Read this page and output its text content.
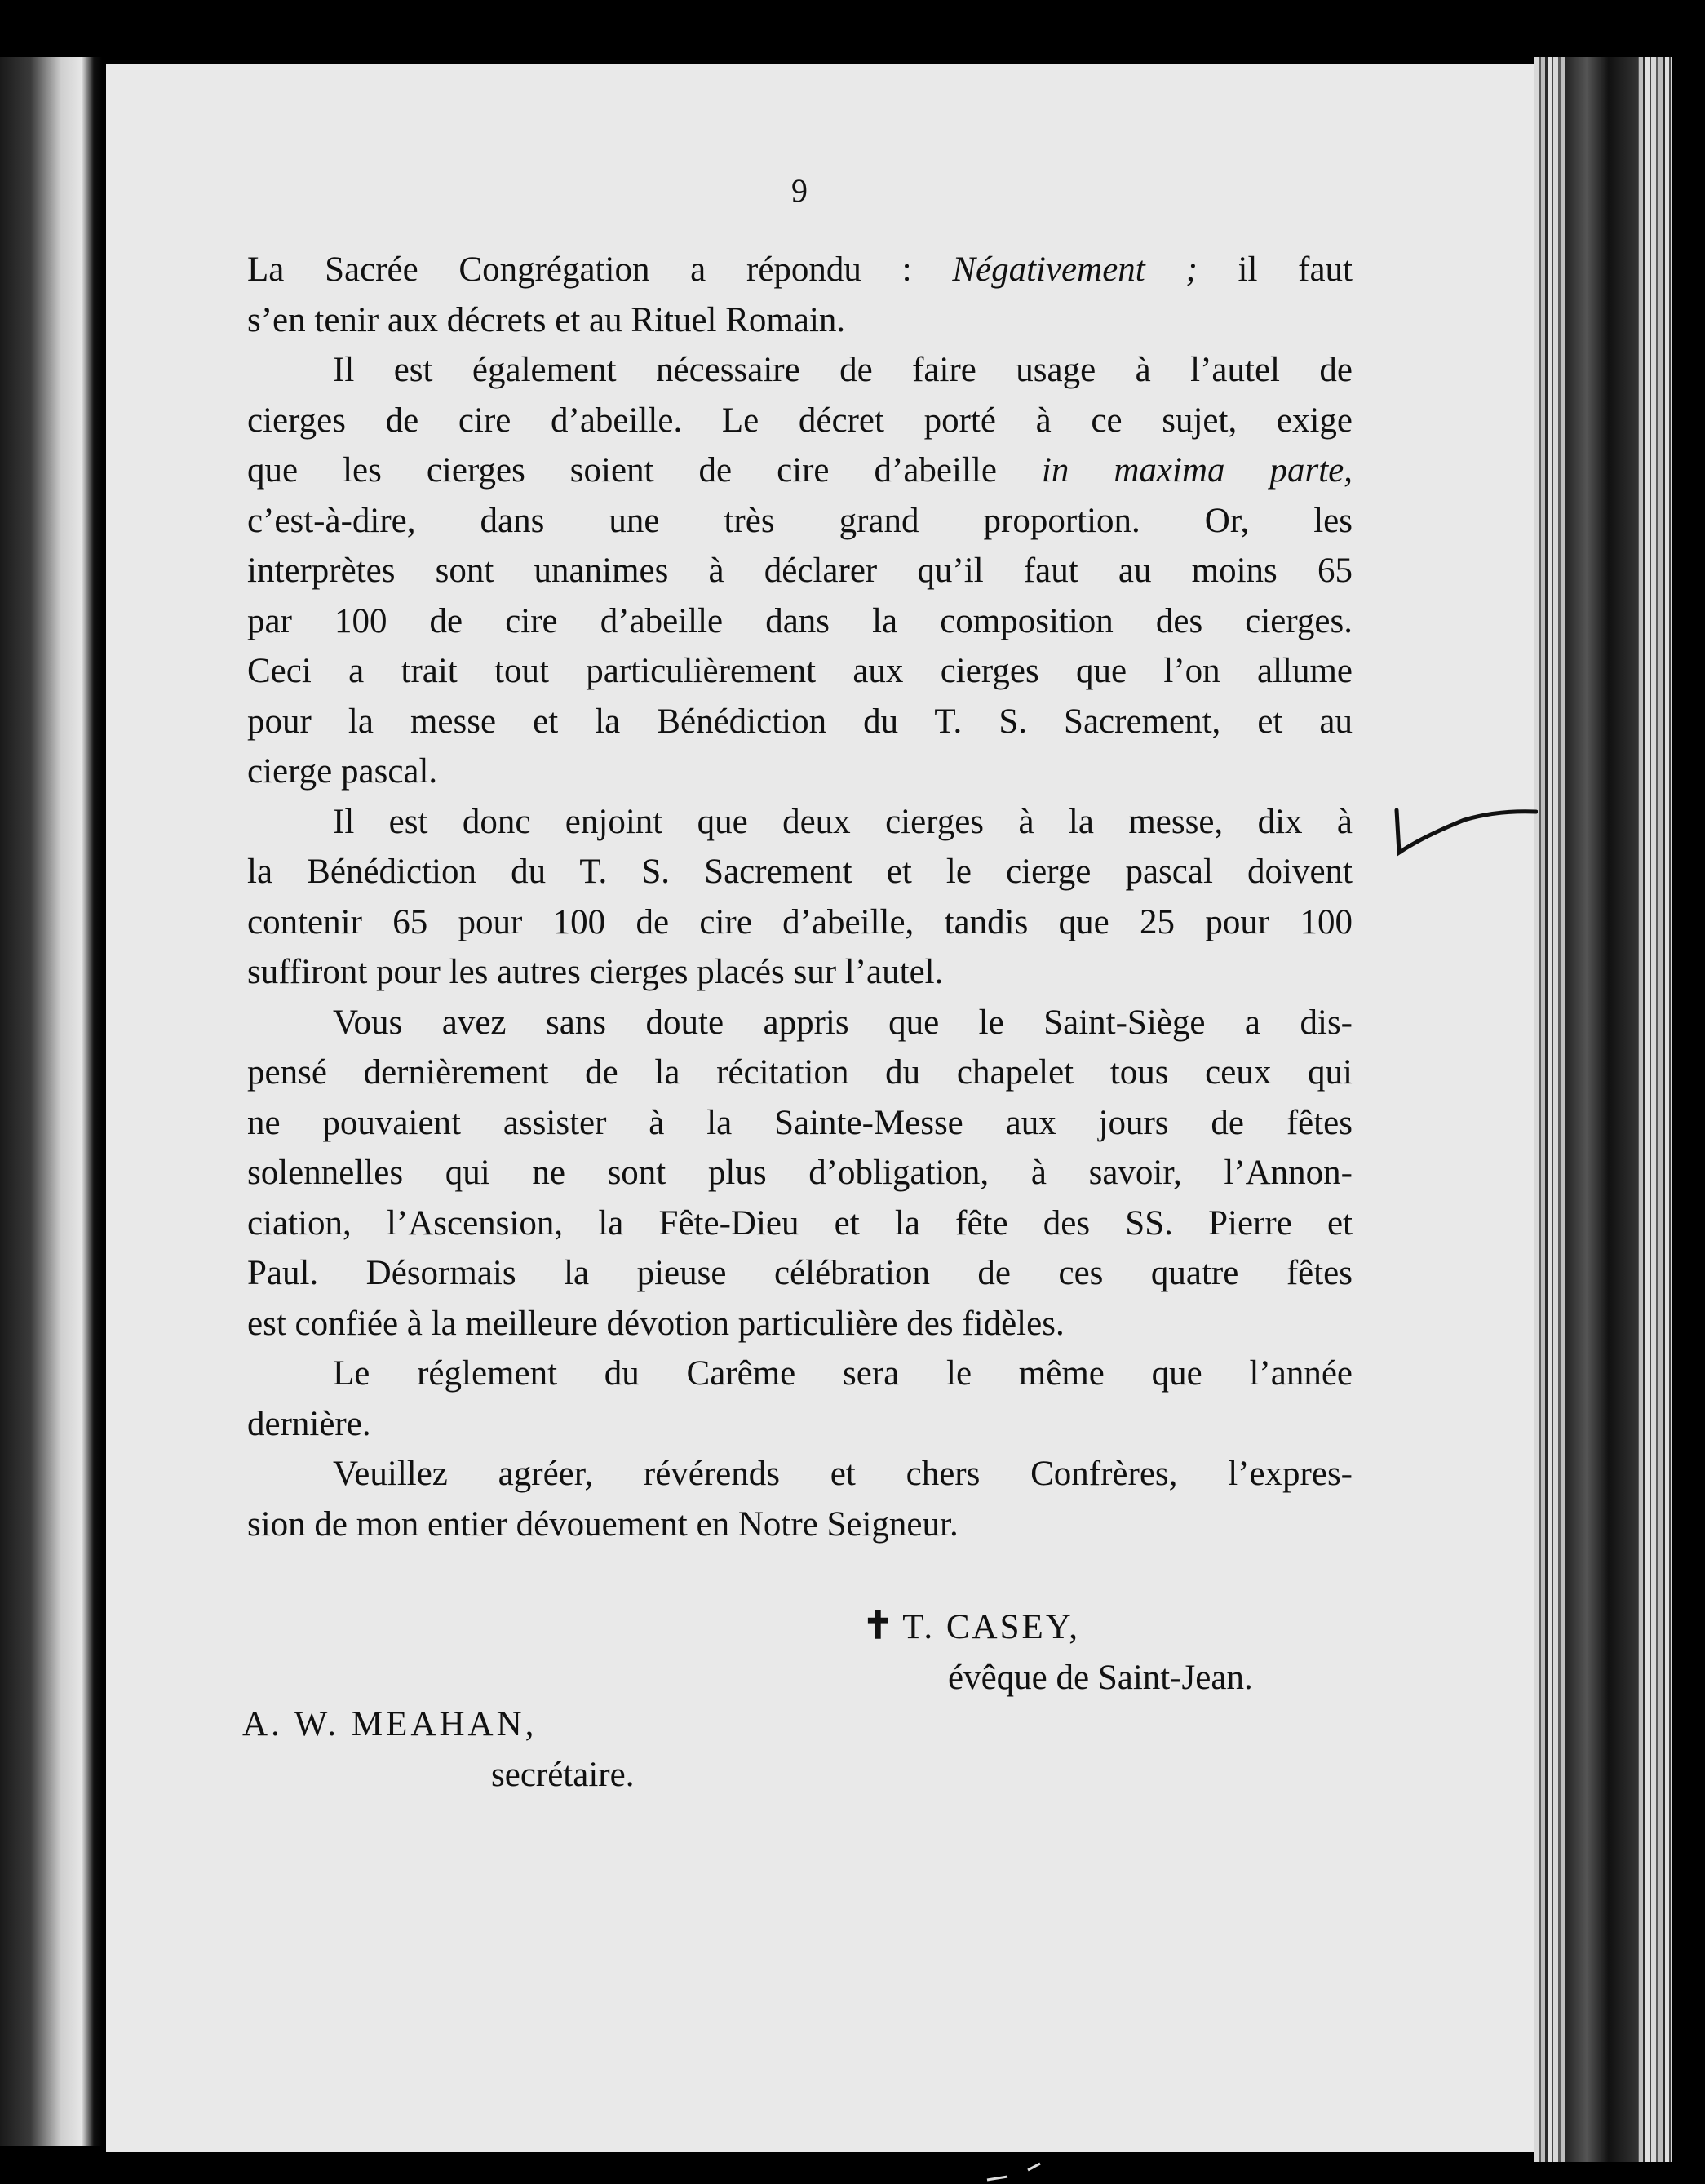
9

La Sacrée Congrégation a répondu : Négativement ; il faut
s’en tenir aux décrets et au Rituel Romain.

Il est également nécessaire de faire usage à l’autel de
cierges de cire d’abeille. Le décret porté à ce sujet, exige
que les cierges soient de cire d’abeille in maxima parte,
c’est-à-dire, dans une très grand proportion. Or, les
interprètes sont unanimes à déclarer qu’il faut au moins 65
par 100 de cire d’abeille dans la composition des cierges.
Ceci a trait tout particulièrement aux cierges que l’on allume
pour la messe et la Bénédiction du T. S. Sacrement, et au
cierge pascal.

Il est donc enjoint que deux cierges à la messe, dix à
la Bénédiction du T. S. Sacrement et le cierge pascal doivent
contenir 65 pour 100 de cire d’abeille, tandis que 25 pour 100
suffiront pour les autres cierges placés sur l’autel.

Vous avez sans doute appris que le Saint-Siège a dis-
pensé dernièrement de la récitation du chapelet tous ceux qui
ne pouvaient assister à la Sainte-Messe aux jours de fêtes
solennelles qui ne sont plus d’obligation, à savoir, l’Annon-
ciation, l’Ascension, la Fête-Dieu et la fête des SS. Pierre et
Paul. Désormais la pieuse célébration de ces quatre fêtes
est confiée à la meilleure dévotion particulière des fidèles.

Le réglement du Carême sera le même que l’année
dernière.

Veuillez agréer, révérends et chers Confrères, l’expres-
sion de mon entier dévouement en Notre Seigneur.

✝ T. CASEY,
évêque de Saint-Jean.
A. W. MEAHAN,
secrétaire.
